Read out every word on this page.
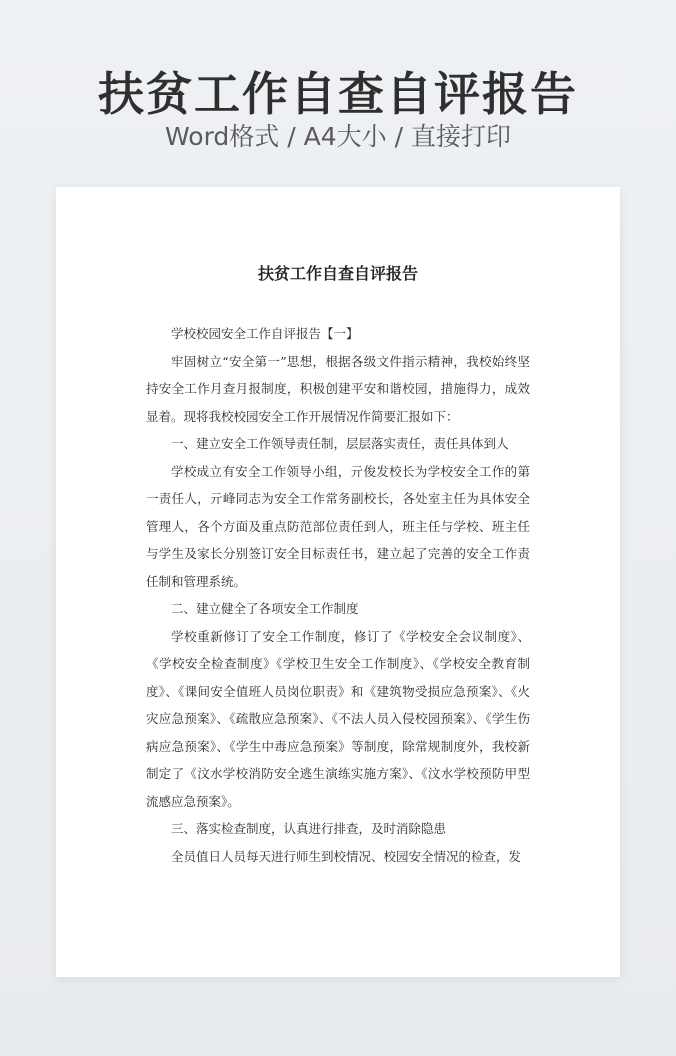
扶贫工作自查自评报告
Word格式 / A4大小 / 直接打印
扶贫工作自查自评报告

学校校园安全工作自评报告【一】

牢固树立“安全第一”思想，根据各级文件指示精神，我校始终坚持安全工作月查月报制度，积极创建平安和谐校园，措施得力，成效显着。现将我校校园安全工作开展情况作简要汇报如下：

一、建立安全工作领导责任制，层层落实责任，责任具体到人

学校成立有安全工作领导小组，亓俊发校长为学校安全工作的第一责任人，亓峰同志为安全工作常务副校长，各处室主任为具体安全管理人，各个方面及重点防范部位责任到人，班主任与学校、班主任与学生及家长分别签订安全目标责任书，建立起了完善的安全工作责任制和管理系统。

二、建立健全了各项安全工作制度

学校重新修订了安全工作制度，修订了《学校安全会议制度》、《学校安全检查制度》《学校卫生安全工作制度》、《学校安全教育制度》、《课间安全值班人员岗位职责》和《建筑物受损应急预案》、《火灾应急预案》、《疏散应急预案》、《不法人员入侵校园预案》、《学生伤病应急预案》、《学生中毒应急预案》等制度，除常规制度外，我校新制定了《汶水学校消防安全逃生演练实施方案》、《汶水学校预防甲型流感应急预案》。

三、落实检查制度，认真进行排查，及时消除隐患

全员值日人员每天进行师生到校情况、校园安全情况的检查，发
